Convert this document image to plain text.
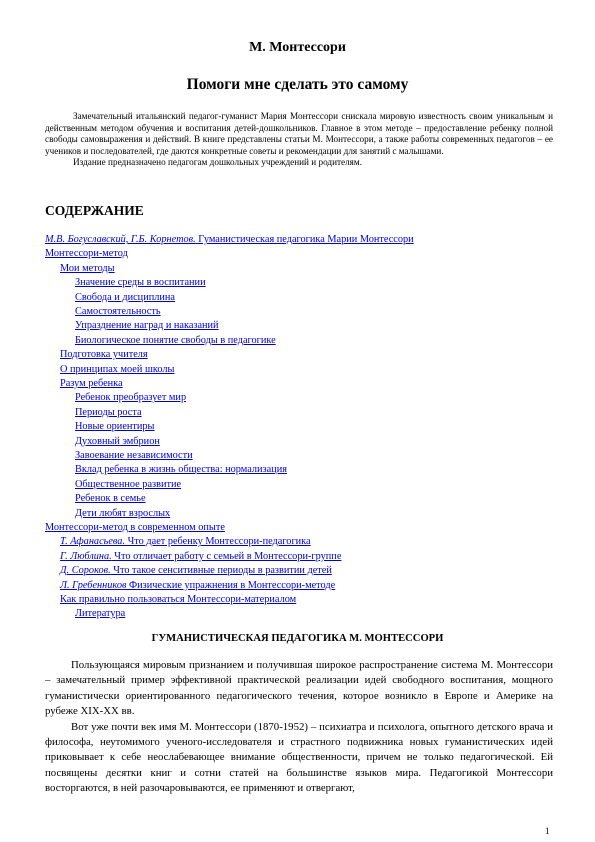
М. Монтессори
Помоги мне сделать это самому

Замечательный итальянский педагог-гуманист Мария Монтессори снискала мировую известность своим уникальным и действенным методом обучения и воспитания детей-дошкольников. Главное в этом методе – предоставление ребенку полной свободы самовыражения и действий. В книге представлены статьи М. Монтессори, а также работы современных педагогов – ее учеников и последователей, где даются конкретные советы и рекомендации для занятий с малышами.

Издание предназначено педагогам дошкольных учреждений и родителям.

СОДЕРЖАНИЕ
М.В. Богуславский, Г.Б. Корнетов. Гуманистическая педагогика Марии Монтессори
Монтессори-метод
Мои методы
Значение среды в воспитании
Свобода и дисциплина
Самостоятельность
Упразднение наград и наказаний
Биологическое понятие свободы в педагогике
Подготовка учителя
О принципах моей школы
Разум ребенка
Ребенок преобразует мир
Периоды роста
Новые ориентиры
Духовный эмбрион
Завоевание независимости
Вклад ребенка в жизнь общества: нормализация
Общественное развитие
Ребенок в семье
Дети любят взрослых
Монтессори-метод в современном опыте
Т. Афанасьева. Что дает ребенку Монтессори-педагогика
Г. Люблина. Что отличает работу с семьей в Монтессори-группе
Д. Сороков. Что такое сенситивные периоды в развитии детей
Л. Гребенников Физические упражнения в Монтессори-методе
Как правильно пользоваться Монтессори-материалом
Литература
ГУМАНИСТИЧЕСКАЯ ПЕДАГОГИКА М. МОНТЕССОРИ

Пользующаяся мировым признанием и получившая широкое распространение система М. Монтессори – замечательный пример эффективной практической реализации идей свободного воспитания, мощного гуманистически ориентированного педагогического течения, которое возникло в Европе и Америке на рубеже XIX-XX вв.

Вот уже почти век имя М. Монтессори (1870-1952) – психиатра и психолога, опытного детского врача и философа, неутомимого ученого-исследователя и страстного подвижника новых гуманистических идей приковывает к себе неослабевающее внимание общественности, причем не только педагогической. Ей посвящены десятки книг и сотни статей на большинстве языков мира. Педагогикой Монтессори восторгаются, в ней разочаровываются, ее применяют и отвергают,

1
